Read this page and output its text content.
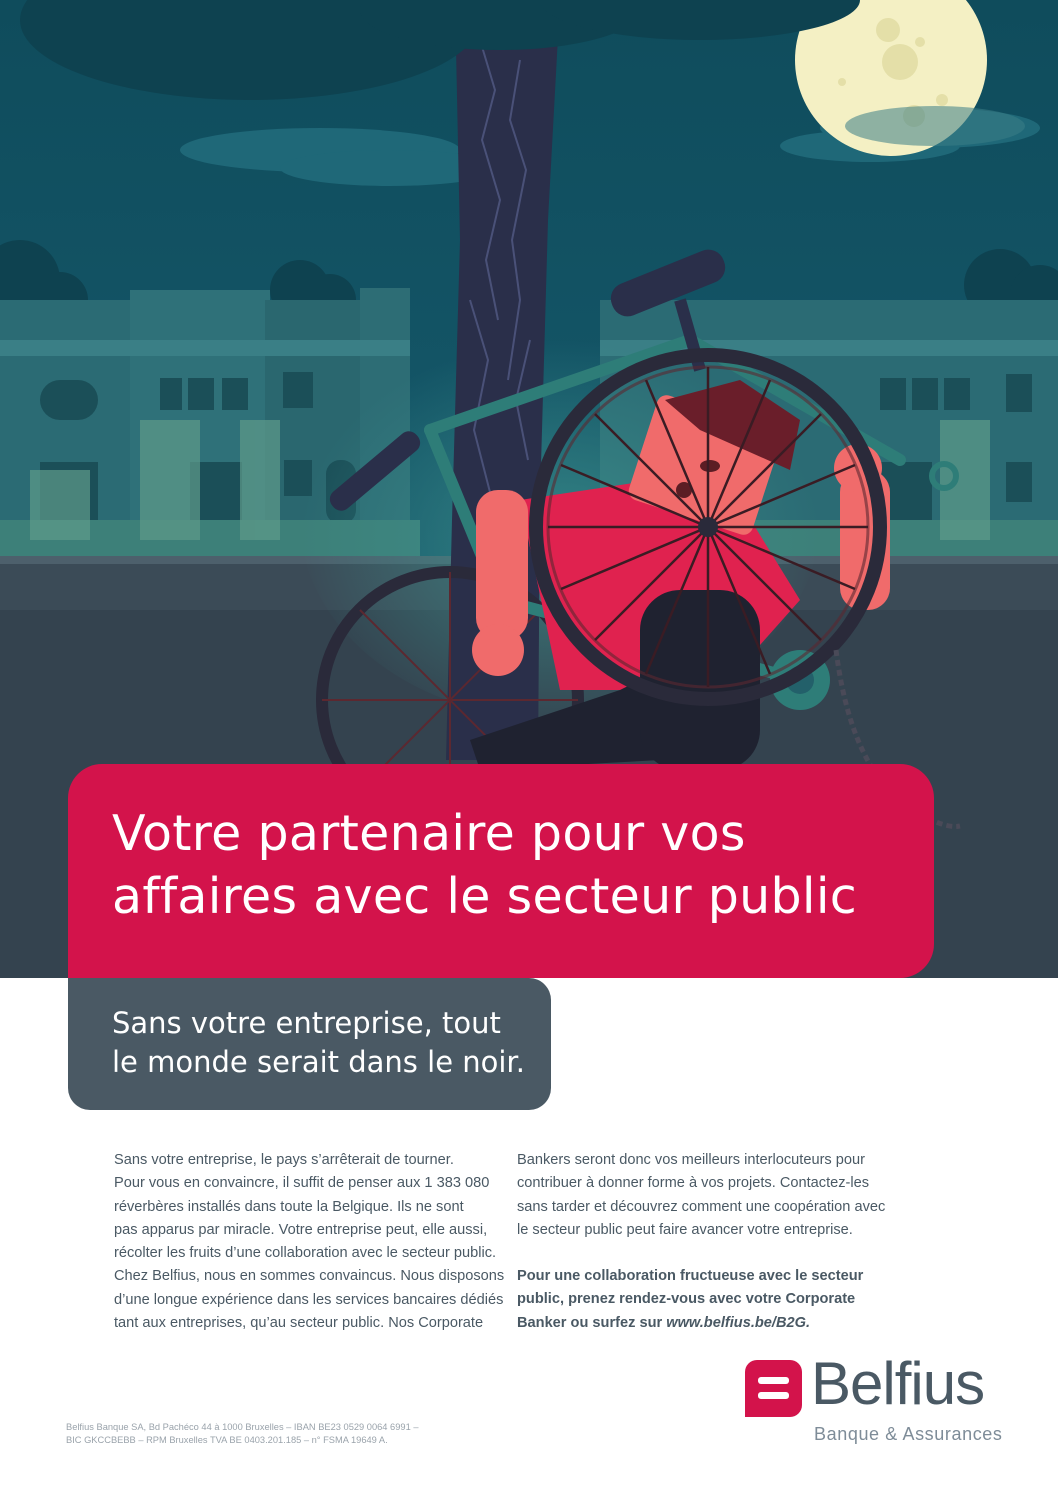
Votre partenaire pour vos
affaires avec le secteur public

Sans votre entreprise, tout
le monde serait dans le noir.

Sans votre entreprise, le pays s’arrêterait de tourner.
Pour vous en convaincre, il suffit de penser aux 1 383 080
réverbères installés dans toute la Belgique. Ils ne sont
pas apparus par miracle. Votre entreprise peut, elle aussi,
récolter les fruits d’une collaboration avec le secteur public.
Chez Belfius, nous en sommes convaincus. Nous disposons
d’une longue expérience dans les services bancaires dédiés
tant aux entreprises, qu’au secteur public. Nos Corporate

Bankers seront donc vos meilleurs interlocuteurs pour
contribuer à donner forme à vos projets. Contactez-les
sans tarder et découvrez comment une coopération avec
le secteur public peut faire avancer votre entreprise.

Pour une collaboration fructueuse avec le secteur
public, prenez rendez-vous avec votre Corporate
Banker ou surfez sur www.belfius.be/B2G.

Belfius
Banque & Assurances
Belfius Banque SA, Bd Pachéco 44 à 1000 Bruxelles – IBAN BE23 0529 0064 6991 –
BIC GKCCBEBB – RPM Bruxelles TVA BE 0403.201.185 – n° FSMA 19649 A.
